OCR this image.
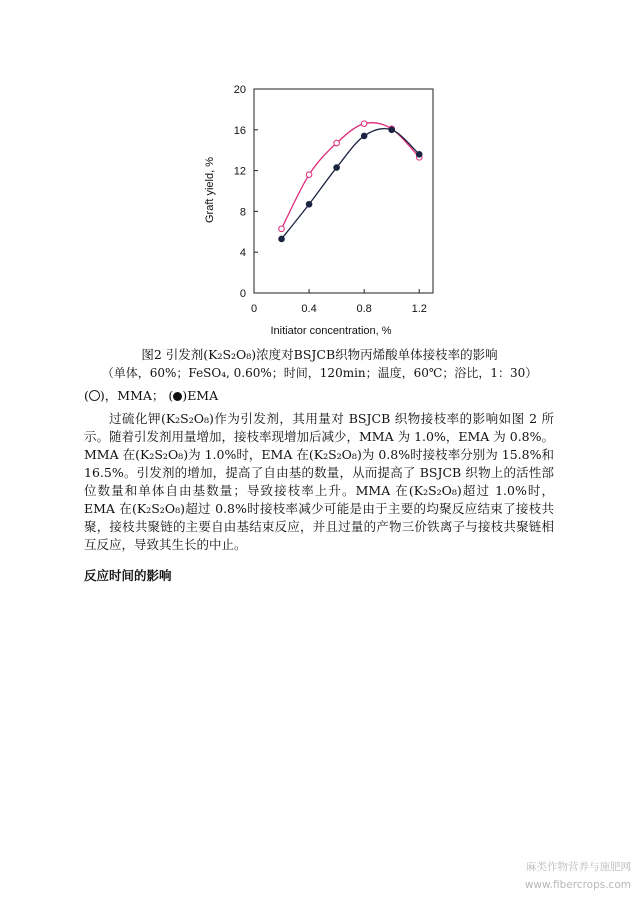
0
4
8
12
16
20
0	0.4	0.8	1.2
Initiator concentration, %
Graft yield, %
图2 引发剂(K₂S₂O₈)浓度对BSJCB织物丙烯酸单体接枝率的影响
（单体，60%；FeSO₄, 0.60%；时间，120min；温度，60℃；浴比，1：30）
( )，MMA； ( )EMA
过硫化钾(K₂S₂O₈)作为引发剂，其用量对 BSJCB 织物接枝率的影响如图 2 所示。随着引发剂用量增加，接枝率现增加后减少，MMA 为 1.0%，EMA 为 0.8%。MMA 在(K₂S₂O₈)为 1.0%时，EMA 在(K₂S₂O₈)为 0.8%时接枝率分别为 15.8%和 16.5%。引发剂的增加，提高了自由基的数量，从而提高了 BSJCB 织物上的活性部位数量和单体自由基数量；导致接枝率上升。MMA 在(K₂S₂O₈)超过 1.0%时，EMA 在(K₂S₂O₈)超过 0.8%时接枝率减少可能是由于主要的均聚反应结束了接枝共聚，接枝共聚链的主要自由基结束反应，并且过量的产物三价铁离子与接枝共聚链相互反应，导致其生长的中止。
反应时间的影响
麻类作物营养与施肥网
www.fibercrops.com
